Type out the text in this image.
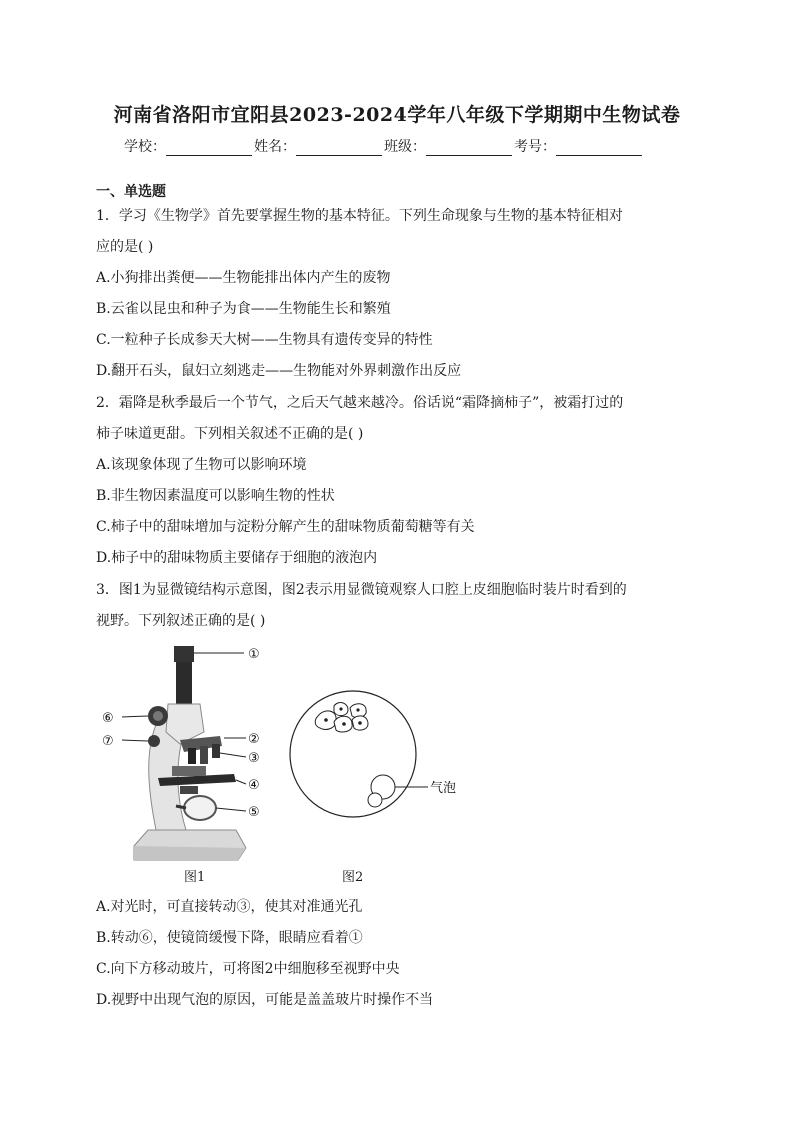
河南省洛阳市宜阳县2023-2024学年八年级下学期期中生物试卷
学校：	姓名：	班级：	考号：
一、单选题
1．学习《生物学》首先要掌握生物的基本特征。下列生命现象与生物的基本特征相对
应的是( )
A.小狗排出粪便——生物能排出体内产生的废物
B.云雀以昆虫和种子为食——生物能生长和繁殖
C.一粒种子长成参天大树——生物具有遗传变异的特性
D.翻开石头，鼠妇立刻逃走——生物能对外界刺激作出反应
2．霜降是秋季最后一个节气，之后天气越来越冷。俗话说“霜降摘柿子”，被霜打过的
柿子味道更甜。下列相关叙述不正确的是( )
A.该现象体现了生物可以影响环境
B.非生物因素温度可以影响生物的性状
C.柿子中的甜味增加与淀粉分解产生的甜味物质葡萄糖等有关
D.柿子中的甜味物质主要储存于细胞的液泡内
3．图1为显微镜结构示意图，图2表示用显微镜观察人口腔上皮细胞临时装片时看到的
视野。下列叙述正确的是( )
①
②
③
④
⑤
⑥
⑦
气泡
图1	图2
A.对光时，可直接转动③，使其对准通光孔
B.转动⑥，使镜筒缓慢下降，眼睛应看着①
C.向下方移动玻片，可将图2中细胞移至视野中央
D.视野中出现气泡的原因，可能是盖盖玻片时操作不当
